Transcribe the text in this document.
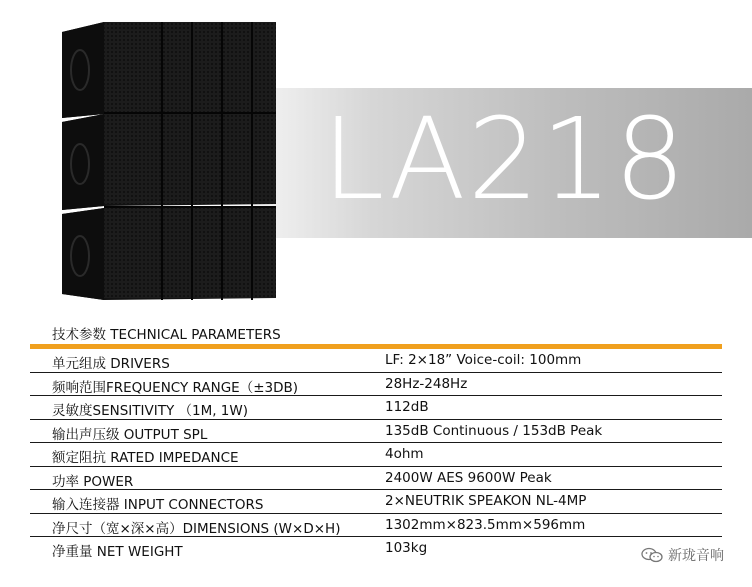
LA218
技术参数 TECHNICAL PARAMETERS
单元组成 DRIVERS	LF: 2×18” Voice-coil: 100mm
频响范围FREQUENCY RANGE（±3DB)	28Hz-248Hz
灵敏度SENSITIVITY （1M, 1W)	112dB
输出声压级 OUTPUT SPL	135dB Continuous / 153dB Peak
额定阻抗 RATED IMPEDANCE	4ohm
功率 POWER	2400W AES 9600W Peak
输入连接器 INPUT CONNECTORS	2×NEUTRIK SPEAKON NL-4MP
净尺寸（宽×深×高）DIMENSIONS (W×D×H)	1302mm×823.5mm×596mm
净重量 NET WEIGHT	103kg	新珑音响
